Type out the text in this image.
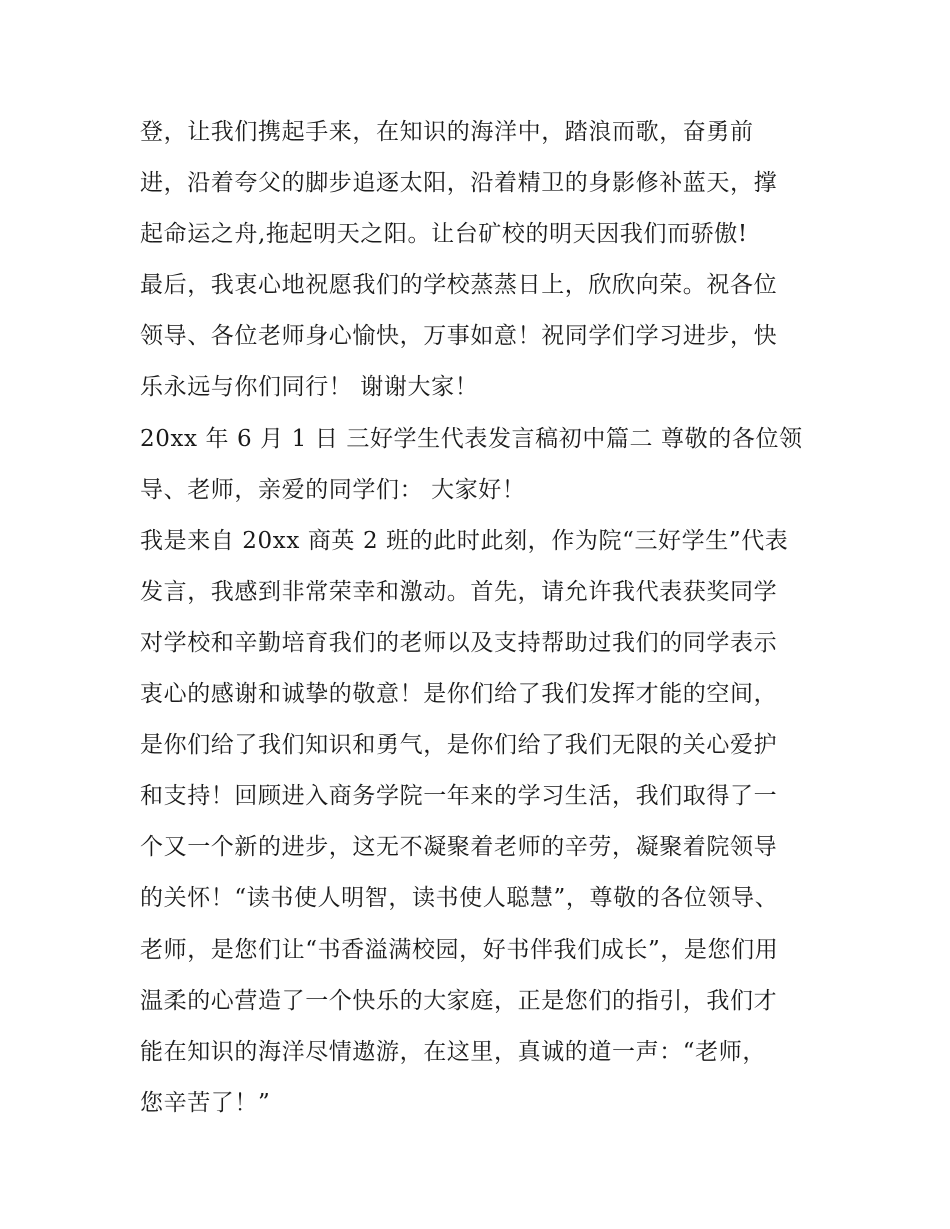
登，让我们携起手来，在知识的海洋中，踏浪而歌，奋勇前
进，沿着夸父的脚步追逐太阳，沿着精卫的身影修补蓝天，撑
起命运之舟,拖起明天之阳。让台矿校的明天因我们而骄傲!
最后，我衷心地祝愿我们的学校蒸蒸日上，欣欣向荣。祝各位
领导、各位老师身心愉快，万事如意！祝同学们学习进步，快
乐永远与你们同行！ 谢谢大家！
20xx 年 6 月 1 日 三好学生代表发言稿初中篇二 尊敬的各位领
导、老师，亲爱的同学们： 大家好！
我是来自 20xx 商英 2 班的此时此刻，作为院“三好学生”代表
发言，我感到非常荣幸和激动。首先，请允许我代表获奖同学
对学校和辛勤培育我们的老师以及支持帮助过我们的同学表示
衷心的感谢和诚挚的敬意！是你们给了我们发挥才能的空间，
是你们给了我们知识和勇气，是你们给了我们无限的关心爱护
和支持！回顾进入商务学院一年来的学习生活，我们取得了一
个又一个新的进步，这无不凝聚着老师的辛劳，凝聚着院领导
的关怀！“读书使人明智，读书使人聪慧”，尊敬的各位领导、
老师，是您们让“书香溢满校园，好书伴我们成长”，是您们用
温柔的心营造了一个快乐的大家庭，正是您们的指引，我们才
能在知识的海洋尽情遨游，在这里，真诚的道一声：“老师，
您辛苦了！”
